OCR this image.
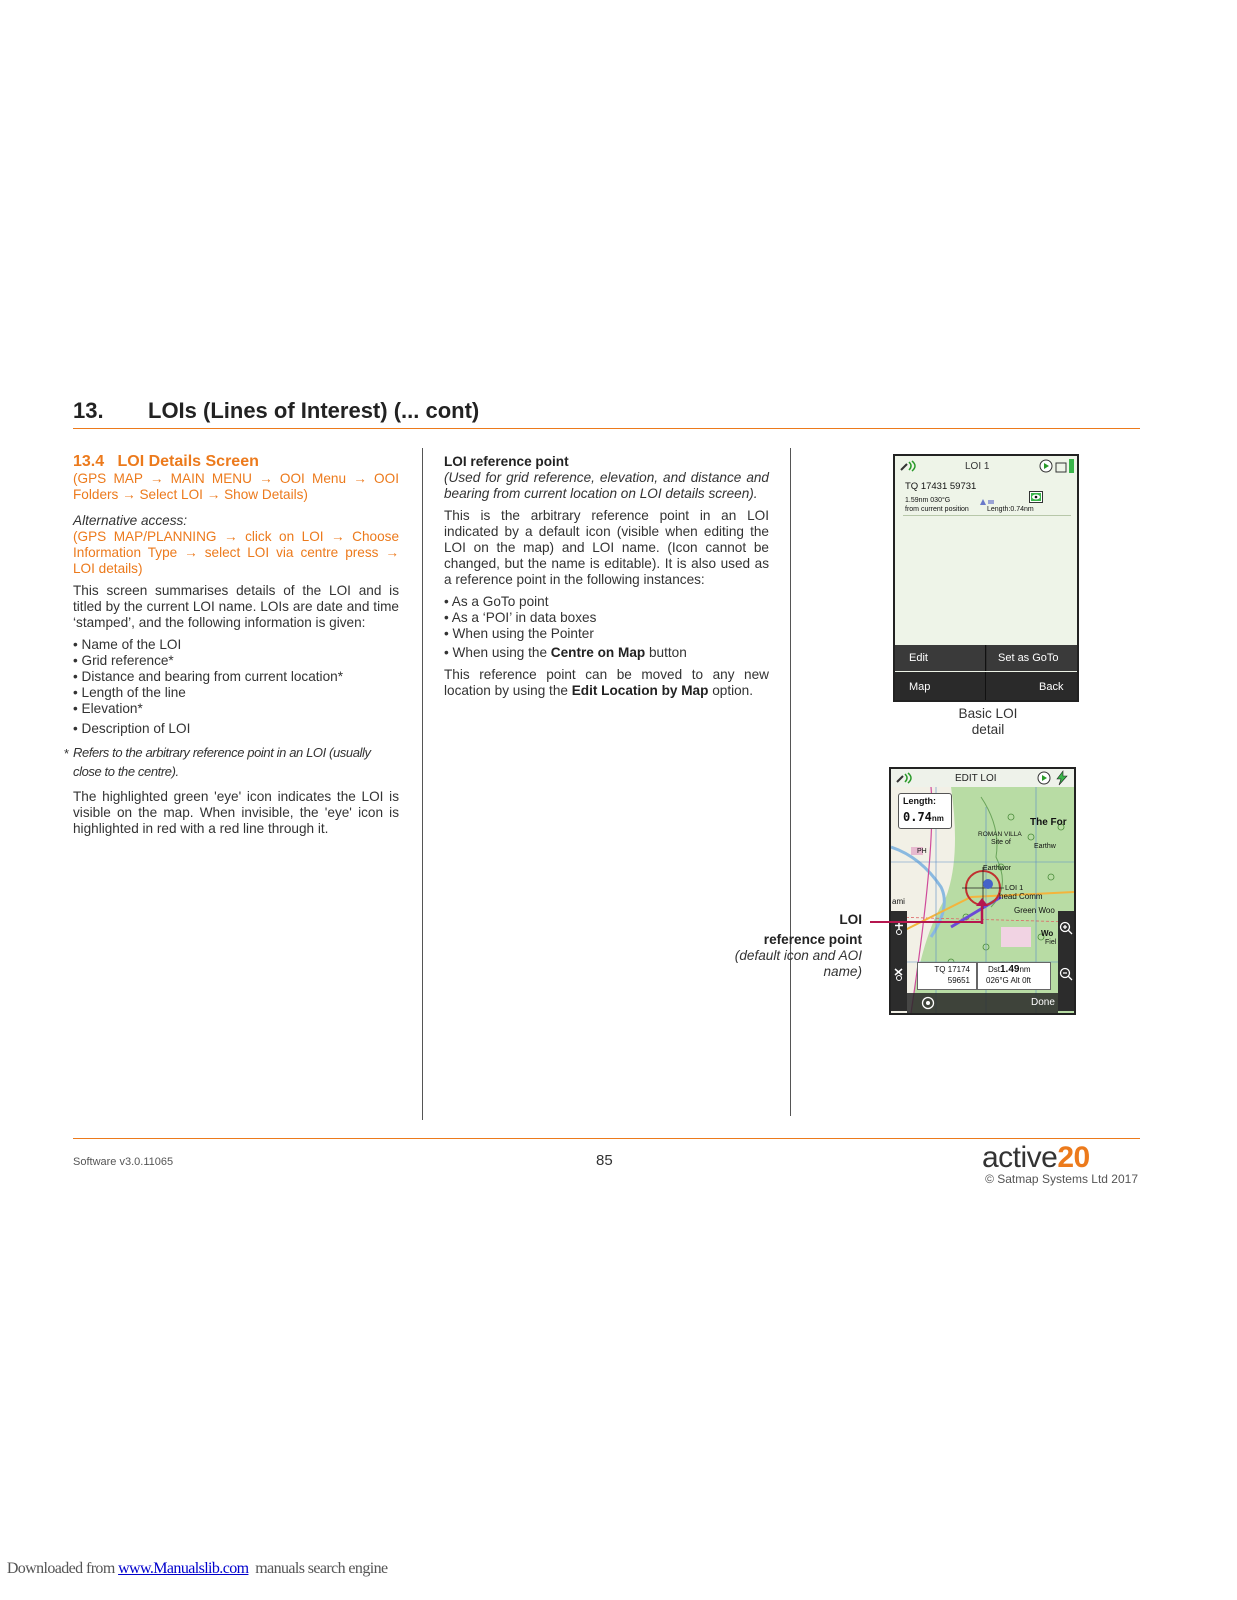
13. LOIs (Lines of Interest) (... cont)
13.4   LOI Details Screen
(GPS MAP → MAIN MENU → OOI Menu → OOI Folders → Select LOI → Show Details)
Alternative access:
(GPS MAP/PLANNING → click on LOI → Choose Information Type → select LOI via centre press → LOI details)
This screen summarises details of the LOI and is titled by the current LOI name. LOIs are date and time ‘stamped’, and the following information is given:
• Name of the LOI
• Grid reference*
• Distance and bearing from current location*
• Length of the line
• Elevation*
• Description of LOI
* Refers to the arbitrary reference point in an LOI (usually close to the centre).
The highlighted green 'eye' icon indicates the LOI is visible on the map. When invisible, the 'eye' icon is highlighted in red with a red line through it.
LOI reference point
(Used for grid reference, elevation, and distance and bearing from current location on LOI details screen).
This is the arbitrary reference point in an LOI indicated by a default icon (visible when editing the LOI on the map) and LOI name. (Icon cannot be changed, but the name is editable). It is also used as a reference point in the following instances:
• As a GoTo point
• As a ‘POI’ in data boxes
• When using the Pointer
• When using the Centre on Map button
This reference point can be moved to any new location by using the Edit Location by Map option.
LOI 1
TQ 17431 59731
1.59nm 030°G
from current position	Length:0.74nm
Edit	Set as GoTo
Map	Back
Basic LOI
detail
EDIT LOI
The For
ROMAN VILLA
Site of
Earthw
Earthwor
LOI 1
head Comm
Green Woo
Wo
Fiel
PH
ami
Length:
0.74nm
TQ 17174
59651
Dst1.49nm
026°G Alt 0ft
Done
LOI
reference point
(default icon and AOI
name)
Software v3.0.11065	85	active20
© Satmap Systems Ltd 2017

Downloaded from www.Manualslib.com  manuals search engine
